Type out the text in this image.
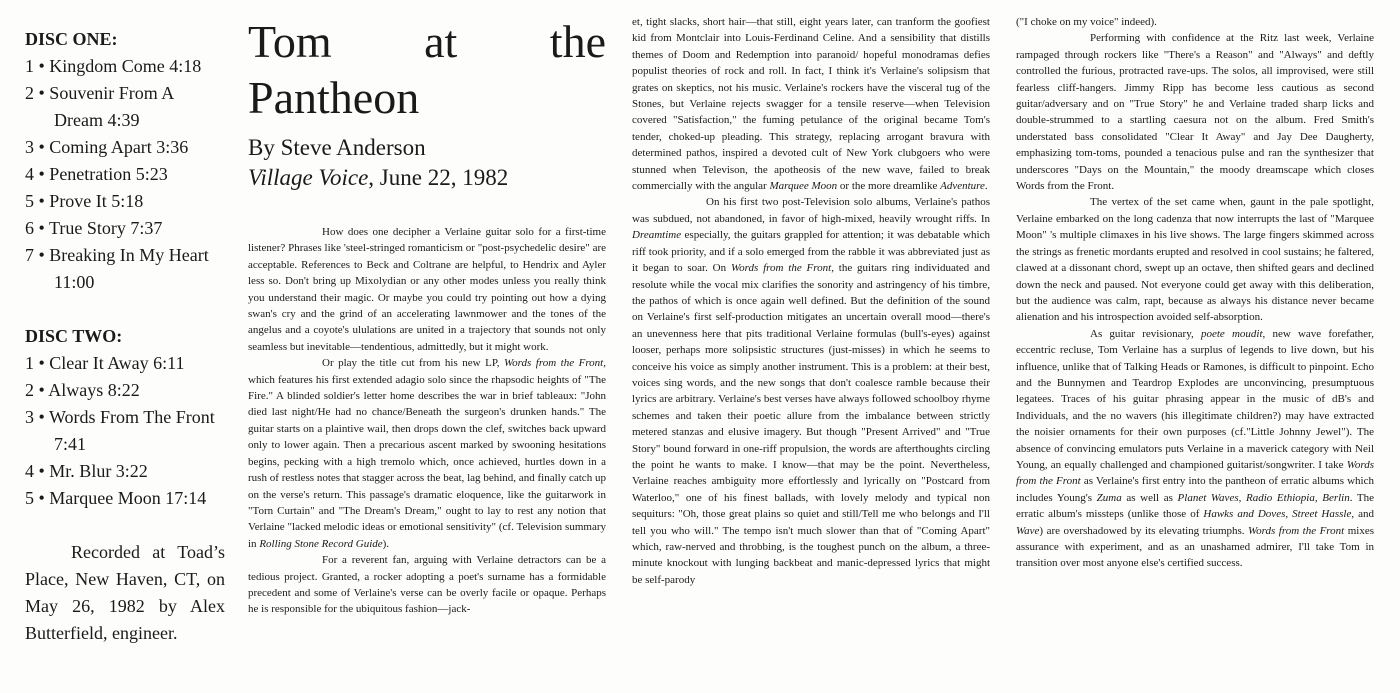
DISC ONE:
1 • Kingdom Come 4:18
2 • Souvenir From A Dream 4:39
3 • Coming Apart 3:36
4 • Penetration 5:23
5 • Prove It 5:18
6 • True Story 7:37
7 • Breaking In My Heart 11:00
DISC TWO:
1 • Clear It Away 6:11
2 • Always 8:22
3 • Words From The Front 7:41
4 • Mr. Blur 3:22
5 • Marquee Moon 17:14

Recorded at Toad’s Place, New Haven, CT, on May 26, 1982 by Alex Butterfield, engineer.

Tom at the Pantheon

By Steve Anderson

Village Voice, June 22, 1982

How does one decipher a Verlaine guitar solo for a first-time listener? Phrases like 'steel-stringed romanticism or "post-psychedelic desire" are acceptable. References to Beck and Coltrane are helpful, to Hendrix and Ayler less so. Don't bring up Mixolydian or any other modes unless you really think you understand their magic. Or maybe you could try pointing out how a dying swan's cry and the grind of an accelerating lawnmower and the tones of the angelus and a coyote's ululations are united in a trajectory that sounds not only seamless but inevitable—tendentious, admittedly, but it might work.

Or play the title cut from his new LP, Words from the Front, which features his first extended adagio solo since the rhapsodic heights of "The Fire." A blinded soldier's letter home describes the war in brief tableaux: "John died last night/He had no chance/Beneath the surgeon's drunken hands." The guitar starts on a plaintive wail, then drops down the clef, switches back upward only to lower again. Then a precarious ascent marked by swooning hesitations begins, pecking with a high tremolo which, once achieved, hurtles down in a rush of restless notes that stagger across the beat, lag behind, and finally catch up on the verse's return. This passage's dramatic eloquence, like the guitarwork in "Torn Curtain" and "The Dream's Dream," ought to lay to rest any notion that Verlaine "lacked melodic ideas or emotional sensitivity" (cf. Television summary in Rolling Stone Record Guide).

For a reverent fan, arguing with Verlaine detractors can be a tedious project. Granted, a rocker adopting a poet's surname has a formidable precedent and some of Verlaine's verse can be overly facile or opaque. Perhaps he is responsible for the ubiquitous fashion—jack-

et, tight slacks, short hair—that still, eight years later, can tranform the goofiest kid from Montclair into Louis-Ferdinand Celine. And a sensibility that distills themes of Doom and Redemption into paranoid/ hopeful monodramas defies populist theories of rock and roll. In fact, I think it's Verlaine's solipsism that grates on skeptics, not his music. Verlaine's rockers have the visceral tug of the Stones, but Verlaine rejects swagger for a tensile reserve—when Television covered "Satisfaction," the fuming petulance of the original became Tom's tender, choked-up pleading. This strategy, replacing arrogant bravura with determined pathos, inspired a devoted cult of New York clubgoers who were stunned when Televison, the apotheosis of the new wave, failed to break commercially with the angular Marquee Moon or the more dreamlike Adventure.

On his first two post-Television solo albums, Verlaine's pathos was subdued, not abandoned, in favor of high-mixed, heavily wrought riffs. In Dreamtime especially, the guitars grappled for attention; it was debatable which riff took priority, and if a solo emerged from the rabble it was abbreviated just as it began to soar. On Words from the Front, the guitars ring individuated and resolute while the vocal mix clarifies the sonority and astringency of his timbre, the pathos of which is once again well defined. But the definition of the sound on Verlaine's first self-production mitigates an uncertain overall mood—there's an unevenness here that pits traditional Verlaine formulas (bull's-eyes) against looser, perhaps more solipsistic structures (just-misses) in which he seems to conceive his voice as simply another instrument. This is a problem: at their best, voices sing words, and the new songs that don't coalesce ramble because their lyrics are arbitrary. Verlaine's best verses have always followed schoolboy rhyme schemes and taken their poetic allure from the imbalance between strictly metered stanzas and elusive imagery. But though "Present Arrived" and "True Story" bound forward in one-riff propulsion, the words are afterthoughts circling the point he wants to make. I know—that may be the point. Nevertheless, Verlaine reaches ambiguity more effortlessly and lyrically on "Postcard from Waterloo," one of his finest ballads, with lovely melody and typical non sequiturs: "Oh, those great plains so quiet and still/Tell me who belongs and I'll tell you who will." The tempo isn't much slower than that of "Coming Apart" which, raw-nerved and throbbing, is the toughest punch on the album, a three-minute knockout with lunging backbeat and manic-depressed lyrics that might be self-parody

("I choke on my voice" indeed).

Performing with confidence at the Ritz last week, Verlaine rampaged through rockers like "There's a Reason" and "Always" and deftly controlled the furious, protracted rave-ups. The solos, all improvised, were still fearless cliff-hangers. Jimmy Ripp has become less cautious as second guitar/adversary and on "True Story" he and Verlaine traded sharp licks and double-strummed to a startling caesura not on the album. Fred Smith's understated bass consolidated "Clear It Away" and Jay Dee Daugherty, emphasizing tom-toms, pounded a tenacious pulse and ran the synthesizer that underscores "Days on the Mountain," the moody dreamscape which closes Words from the Front.

The vertex of the set came when, gaunt in the pale spotlight, Verlaine embarked on the long cadenza that now interrupts the last of "Marquee Moon" 's multiple climaxes in his live shows. The large fingers skimmed across the strings as frenetic mordants erupted and resolved in cool sustains; he faltered, clawed at a dissonant chord, swept up an octave, then shifted gears and declined down the neck and paused. Not everyone could get away with this deliberation, but the audience was calm, rapt, because as always his distance never became alienation and his introspection avoided self-absorption.

As guitar revisionary, poete moudit, new wave forefather, eccentric recluse, Tom Verlaine has a surplus of legends to live down, but his influence, unlike that of Talking Heads or Ramones, is difficult to pinpoint. Echo and the Bunnymen and Teardrop Explodes are unconvincing, presumptuous legatees. Traces of his guitar phrasing appear in the music of dB's and Individuals, and the no wavers (his illegitimate children?) may have extracted the noisier ornaments for their own purposes (cf."Little Johnny Jewel"). The absence of convincing emulators puts Verlaine in a maverick category with Neil Young, an equally challenged and championed guitarist/songwriter. I take Words from the Front as Verlaine's first entry into the pantheon of erratic albums which includes Young's Zuma as well as Planet Waves, Radio Ethiopia, Berlin. The erratic album's missteps (unlike those of Hawks and Doves, Street Hassle, and Wave) are overshadowed by its elevating triumphs. Words from the Front mixes assurance with experiment, and as an unashamed admirer, I'll take Tom in transition over most anyone else's certified success.
